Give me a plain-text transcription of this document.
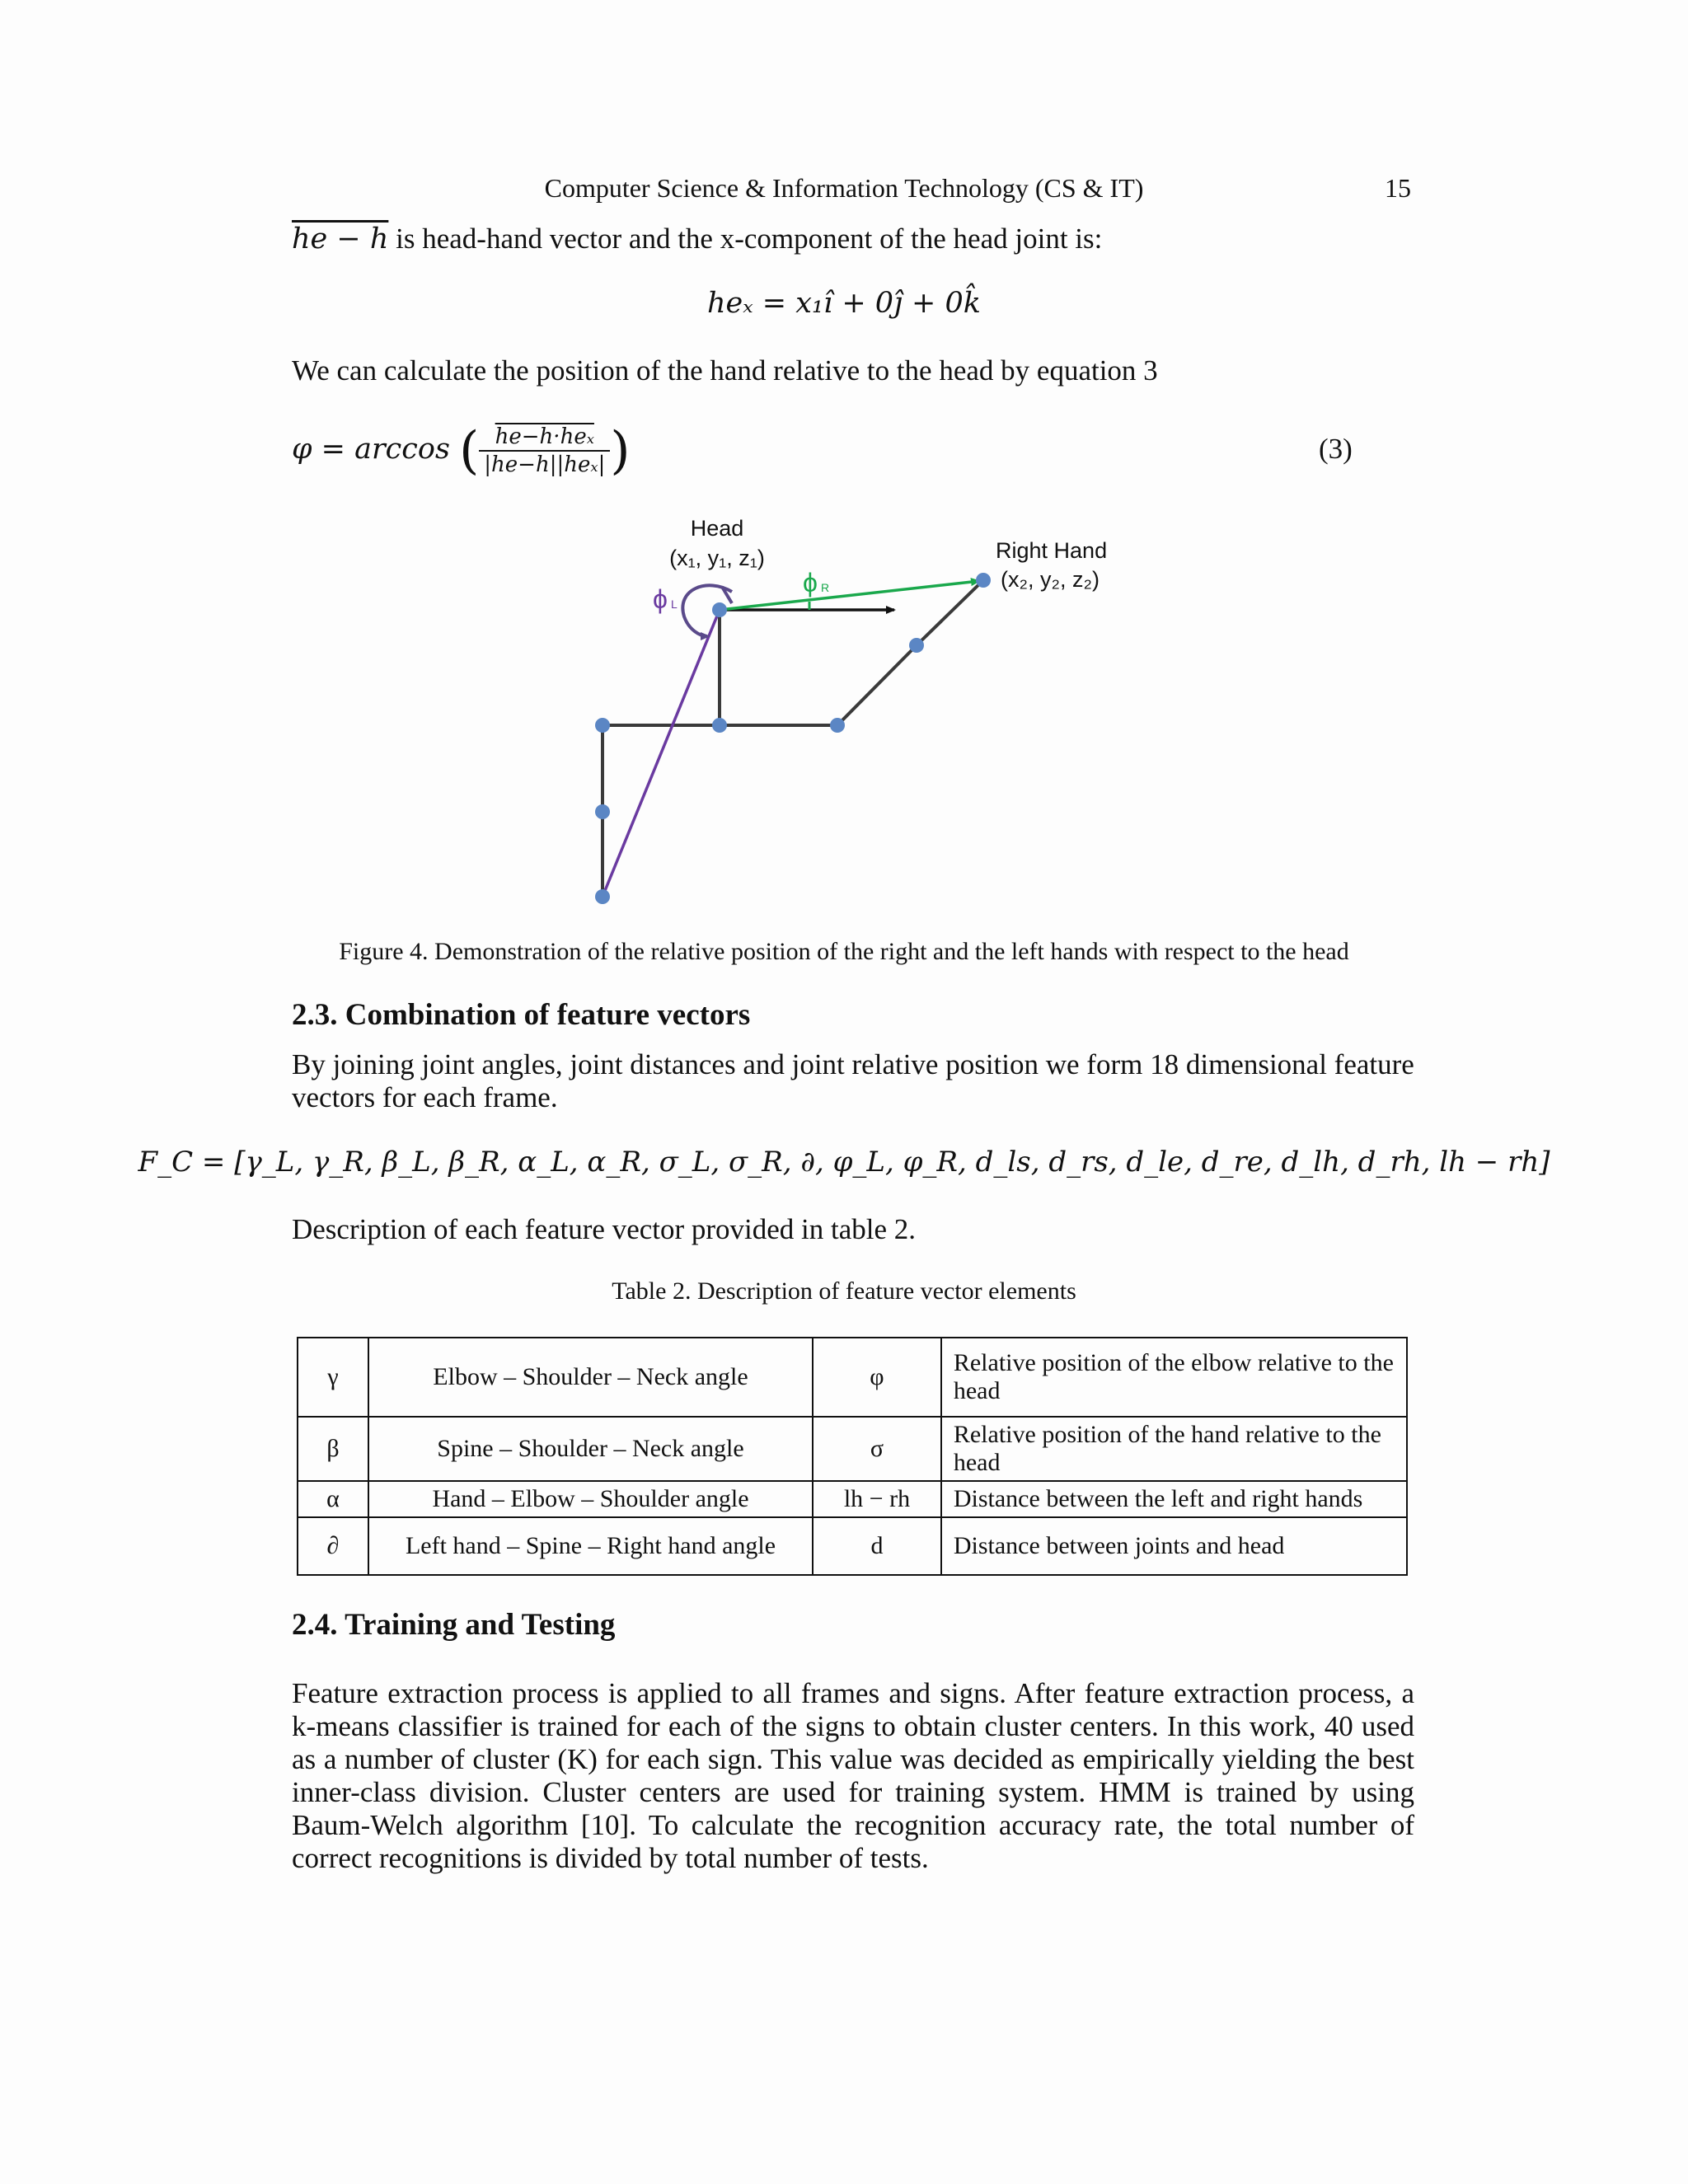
Computer Science & Information Technology (CS & IT)	15
he − h is head-hand vector and the x-component of the head joint is:
heₓ = x₁î + 0ĵ + 0k̂
We can calculate the position of the hand relative to the head by equation 3
φ = arccos ( $\frac{\text{he−h·heₓ}}{\text{|he−h||heₓ|}}$ )	(3)
Head
(x₁, y₁, z₁)	Right Hand
(x₂, y₂, z₂)
ϕ L
ϕ R
Figure 4. Demonstration of the relative position of the right and the left hands with respect to the head
2.3. Combination of feature vectors
By joining joint angles, joint distances and joint relative position we form 18 dimensional feature vectors for each frame.
F_C = [γ_L, γ_R, β_L, β_R, α_L, α_R, σ_L, σ_R, ∂, φ_L, φ_R, d_ls, d_rs, d_le, d_re, d_lh, d_rh, lh − rh]
Description of each feature vector provided in table 2.
Table 2. Description of feature vector elements
γ	Elbow – Shoulder – Neck angle	φ	Relative position of the elbow relative to the head
β	Spine – Shoulder – Neck angle	σ	Relative position of the hand relative to the head
α	Hand – Elbow – Shoulder angle	lh − rh	Distance between the left and right hands
∂	Left hand – Spine – Right hand angle	d	Distance between joints and head
2.4. Training and Testing
Feature extraction process is applied to all frames and signs. After feature extraction process, a k-means classifier is trained for each of the signs to obtain cluster centers. In this work, 40 used as a number of cluster (K) for each sign. This value was decided as empirically yielding the best inner-class division. Cluster centers are used for training system. HMM is trained by using Baum-Welch algorithm [10]. To calculate the recognition accuracy rate, the total number of correct recognitions is divided by total number of tests.
